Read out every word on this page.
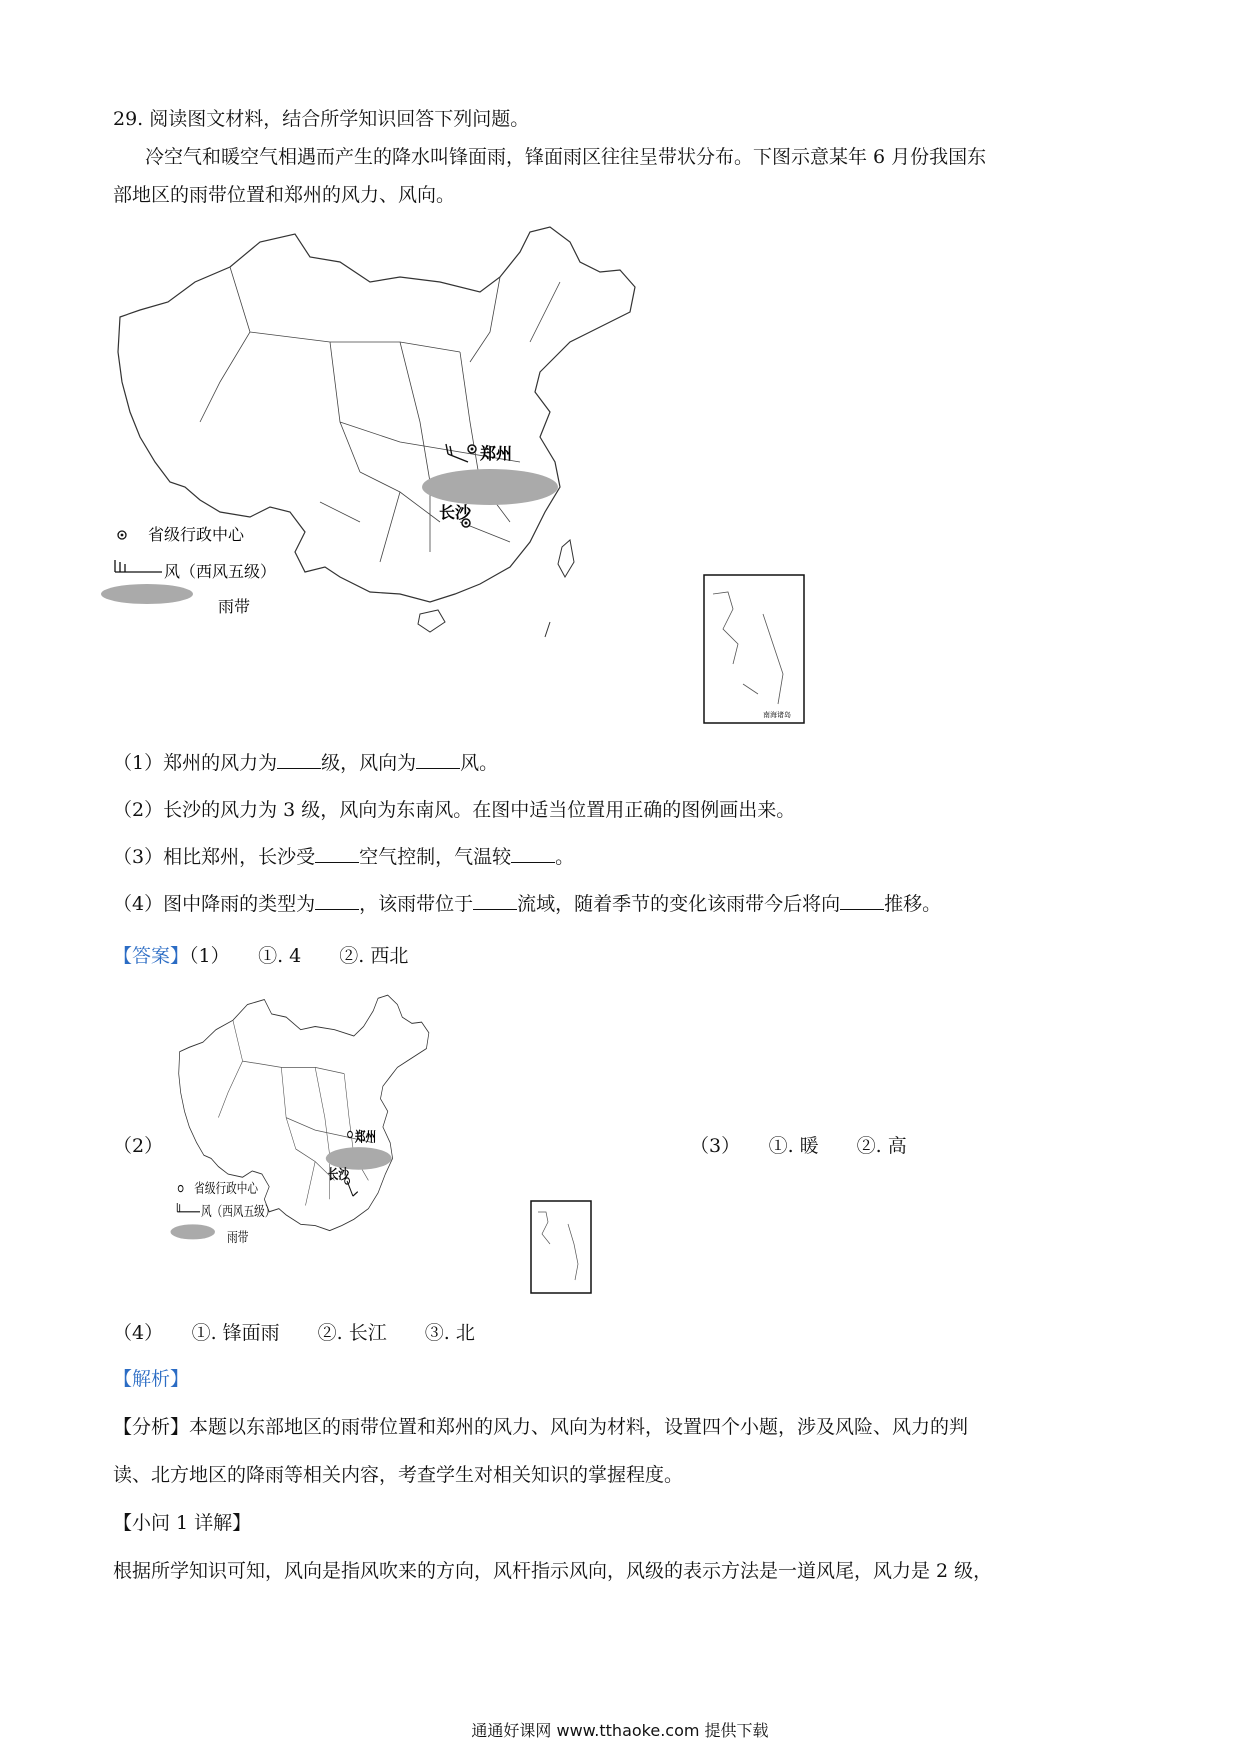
29. 阅读图文材料，结合所学知识回答下列问题。
冷空气和暖空气相遇而产生的降水叫锋面雨，锋面雨区往往呈带状分布。下图示意某年 6 月份我国东
部地区的雨带位置和郑州的风力、风向。
郑州
长沙
省级行政中心
风（西风五级）
雨带
南海诸岛
（1）郑州的风力为 级，风向为 风。
（2）长沙的风力为 3 级，风向为东南风。在图中适当位置用正确的图例画出来。
（3）相比郑州，长沙受 空气控制，气温较 。
（4）图中降雨的类型为 ，该雨带位于 流域，随着季节的变化该雨带今后将向 推移。
【答案】（1）　　①. 4　　②. 西北
（2）	郑州
长沙
省级行政中心
风（西风五级）
雨带
（3）　　①. 暖　　②. 高
（4）　　①. 锋面雨　　②. 长江　　③. 北
【解析】
【分析】本题以东部地区的雨带位置和郑州的风力、风向为材料，设置四个小题，涉及风险、风力的判
读、北方地区的降雨等相关内容，考查学生对相关知识的掌握程度。
【小问 1 详解】
根据所学知识可知，风向是指风吹来的方向，风杆指示风向，风级的表示方法是一道风尾，风力是 2 级，
通通好课网 www.tthaoke.com 提供下载
